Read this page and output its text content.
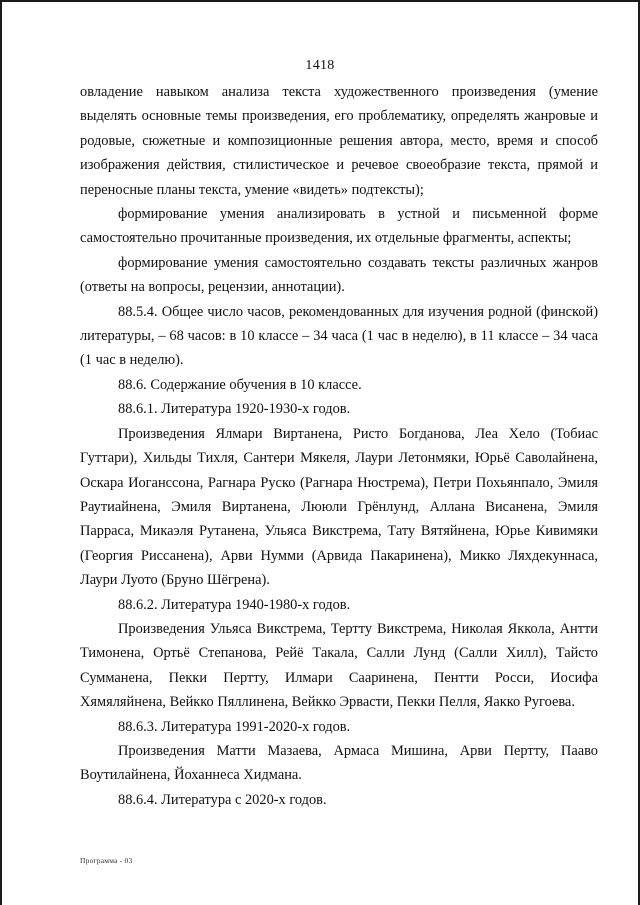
1418

овладение навыком анализа текста художественного произведения (умение выделять основные темы произведения, его проблематику, определять жанровые и родовые, сюжетные и композиционные решения автора, место, время и способ изображения действия, стилистическое и речевое своеобразие текста, прямой и переносные планы текста, умение «видеть» подтексты);

формирование умения анализировать в устной и письменной форме самостоятельно прочитанные произведения, их отдельные фрагменты, аспекты;

формирование умения самостоятельно создавать тексты различных жанров (ответы на вопросы, рецензии, аннотации).

88.5.4. Общее число часов, рекомендованных для изучения родной (финской) литературы, – 68 часов: в 10 классе – 34 часа (1 час в неделю), в 11 классе – 34 часа (1 час в неделю).

88.6. Содержание обучения в 10 классе.

88.6.1. Литература 1920-1930-х годов.

Произведения Ялмари Виртанена, Ристо Богданова, Леа Хело (Тобиас Гуттари), Хильды Тихля, Сантери Мякеля, Лаури Летонмяки, Юрьё Саволайнена, Оскара Иоганссона, Рагнара Руско (Рагнара Нюстрема), Петри Похьянпало, Эмиля Раутиайнена, Эмиля Виртанена, Лююли Грёнлунд, Аллана Висанена, Эмиля Парраса, Микаэля Рутанена, Ульяса Викстрема, Тату Вятяйнена, Юрье Кивимяки (Георгия Риссанена), Арви Нумми (Арвида Пакаринена), Микко Ляхдекуннаса, Лаури Луото (Бруно Шёгрена).

88.6.2. Литература 1940-1980-х годов.

Произведения Ульяса Викстрема, Тертту Викстрема, Николая Яккола, Антти Тимонена, Ортьё Степанова, Рейё Такала, Салли Лунд (Салли Хилл), Тайсто Сумманена, Пекки Пертту, Илмари Сааринена, Пентти Росси, Иосифа Хямяляйнена, Вейкко Пяллинена, Вейкко Эрвасти, Пекки Пелля, Яакко Ругоева.

88.6.3. Литература 1991-2020-х годов.

Произведения Матти Мазаева, Армаса Мишина, Арви Пертту, Пааво Воутилайнена, Йоханнеса Хидмана.

88.6.4. Литература с 2020-х годов.

Программа - 03
